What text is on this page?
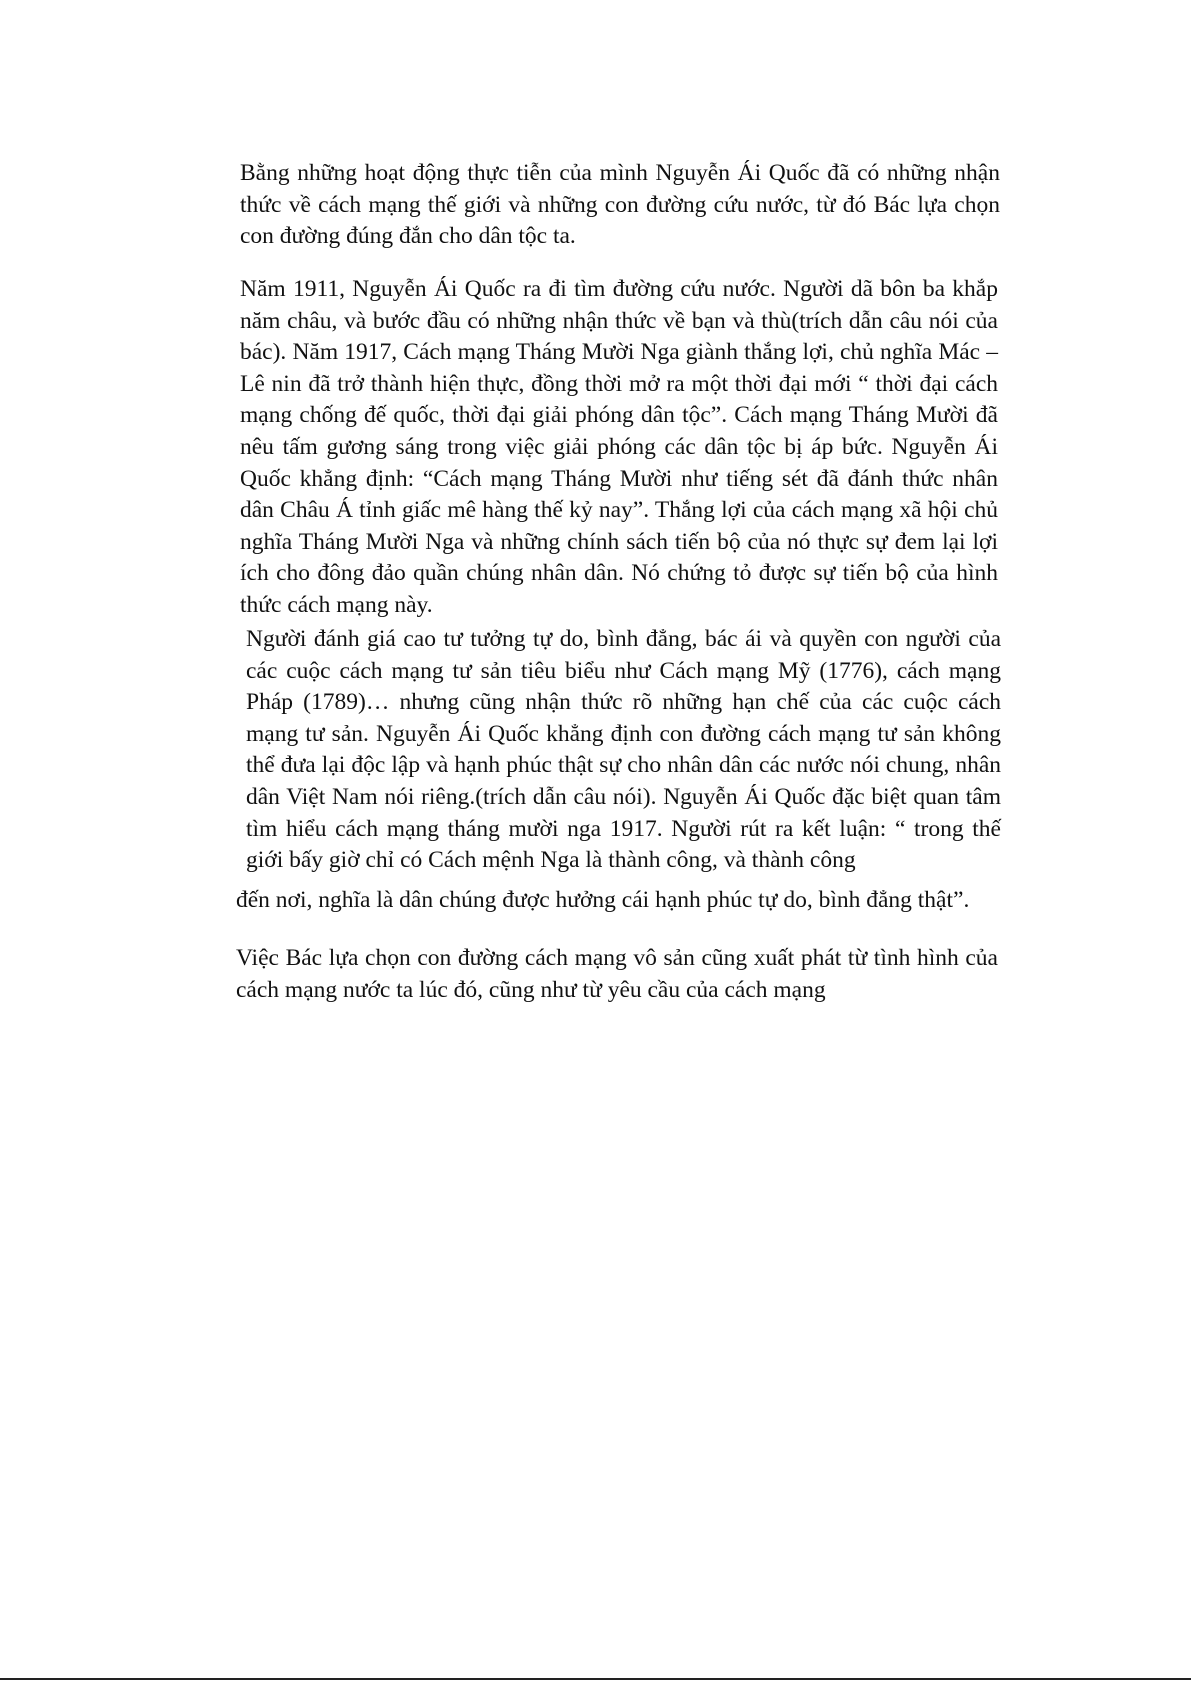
Bằng những hoạt động thực tiễn của mình Nguyễn Ái Quốc đã có những nhận thức về cách mạng thế giới và những con đường cứu nước, từ đó Bác lựa chọn con đường đúng đắn cho dân tộc ta.

Năm 1911, Nguyễn Ái Quốc ra đi tìm đường cứu nước. Người dã bôn ba khắp năm châu, và bước đầu có những nhận thức về bạn và thù(trích dẫn câu nói của bác). Năm 1917, Cách mạng Tháng Mười Nga giành thắng lợi, chủ nghĩa Mác – Lê nin đã trở thành hiện thực, đồng thời mở ra một thời đại mới “ thời đại cách mạng chống đế quốc, thời đại giải phóng dân tộc”. Cách mạng Tháng Mười đã nêu tấm gương sáng trong việc giải phóng các dân tộc bị áp bức. Nguyễn Ái Quốc khẳng định: “Cách mạng Tháng Mười như tiếng sét đã đánh thức nhân dân Châu Á tỉnh giấc mê hàng thế kỷ nay”. Thắng lợi của cách mạng xã hội chủ nghĩa Tháng Mười Nga và những chính sách tiến bộ của nó thực sự đem lại lợi ích cho đông đảo quần chúng nhân dân. Nó chứng tỏ được sự tiến bộ của hình thức cách mạng này.

Người đánh giá cao tư tưởng tự do, bình đẳng, bác ái và quyền con người của các cuộc cách mạng tư sản tiêu biểu như Cách mạng Mỹ (1776), cách mạng Pháp (1789)… nhưng cũng nhận thức rõ những hạn chế của các cuộc cách mạng tư sản. Nguyễn Ái Quốc khẳng định con đường cách mạng tư sản không thể đưa lại độc lập và hạnh phúc thật sự cho nhân dân các nước nói chung, nhân dân Việt Nam nói riêng.(trích dẫn câu nói). Nguyễn Ái Quốc đặc biệt quan tâm tìm hiểu cách mạng tháng mười nga 1917. Người rút ra kết luận: “ trong thế giới bấy giờ chỉ có Cách mệnh Nga là thành công, và thành công

đến nơi, nghĩa là dân chúng được hưởng cái hạnh phúc tự do, bình đẳng thật”.

Việc Bác lựa chọn con đường cách mạng vô sản cũng xuất phát từ tình hình của cách mạng nước ta lúc đó, cũng như từ yêu cầu của cách mạng
